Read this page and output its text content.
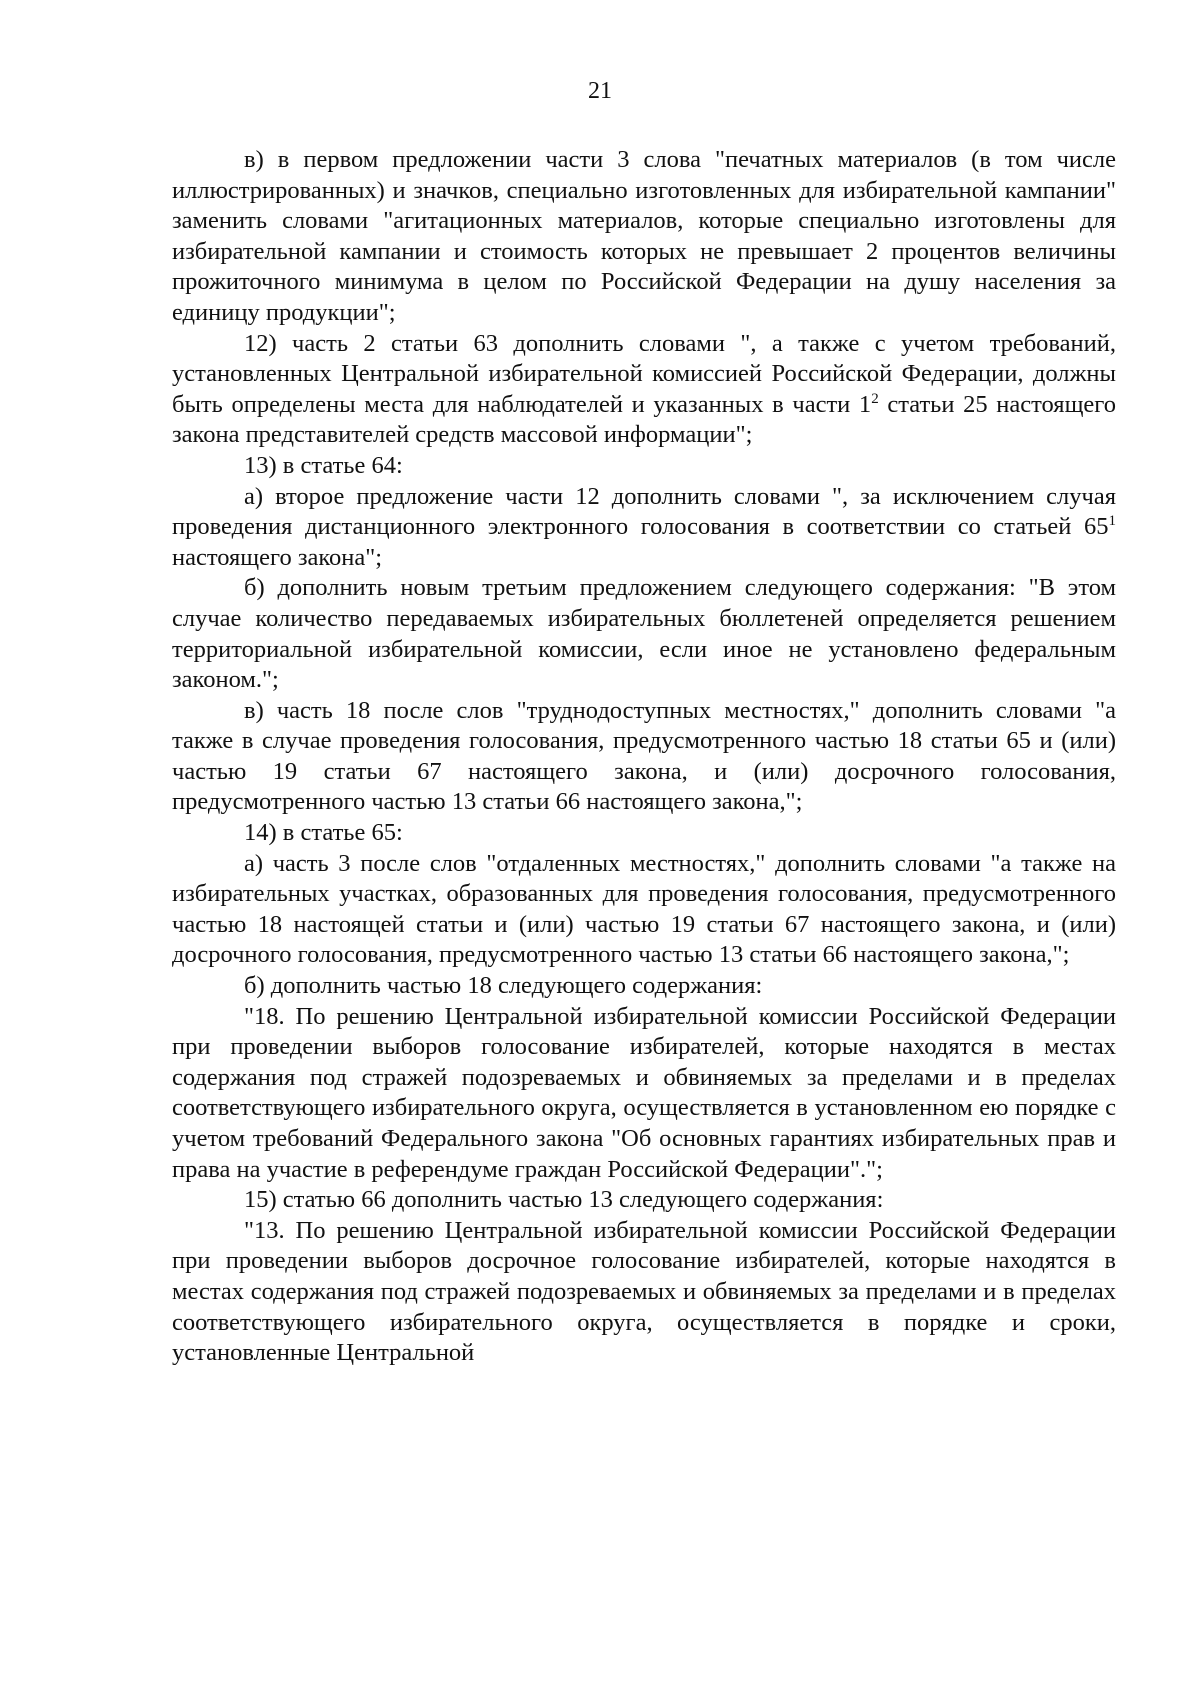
21

в) в первом предложении части 3 слова "печатных материалов (в том числе иллюстрированных) и значков, специально изготовленных для избирательной кампании" заменить словами "агитационных материалов, которые специально изготовлены для избирательной кампании и стоимость которых не превышает 2 процентов величины прожиточного минимума в целом по Российской Федерации на душу населения за единицу продукции";

12) часть 2 статьи 63 дополнить словами ", а также с учетом требований, установленных Центральной избирательной комиссией Российской Федерации, должны быть определены места для наблюдателей и указанных в части $1^2$ статьи 25 настоящего закона представителей средств массовой информации";

13) в статье 64:

а) второе предложение части 12 дополнить словами ", за исключением случая проведения дистанционного электронного голосования в соответствии со статьей $65^1$ настоящего закона";

б) дополнить новым третьим предложением следующего содержания: "В этом случае количество передаваемых избирательных бюллетеней определяется решением территориальной избирательной комиссии, если иное не установлено федеральным законом.";

в) часть 18 после слов "труднодоступных местностях," дополнить словами "а также в случае проведения голосования, предусмотренного частью 18 статьи 65 и (или) частью 19 статьи 67 настоящего закона, и (или) досрочного голосования, предусмотренного частью 13 статьи 66 настоящего закона,";

14) в статье 65:

а) часть 3 после слов "отдаленных местностях," дополнить словами "а также на избирательных участках, образованных для проведения голосования, предусмотренного частью 18 настоящей статьи и (или) частью 19 статьи 67 настоящего закона, и (или) досрочного голосования, предусмотренного частью 13 статьи 66 настоящего закона,";

б) дополнить частью 18 следующего содержания:

"18. По решению Центральной избирательной комиссии Российской Федерации при проведении выборов голосование избирателей, которые находятся в местах содержания под стражей подозреваемых и обвиняемых за пределами и в пределах соответствующего избирательного округа, осуществляется в установленном ею порядке с учетом требований Федерального закона "Об основных гарантиях избирательных прав и права на участие в референдуме граждан Российской Федерации".";

15) статью 66 дополнить частью 13 следующего содержания:

"13. По решению Центральной избирательной комиссии Российской Федерации при проведении выборов досрочное голосование избирателей, которые находятся в местах содержания под стражей подозреваемых и обвиняемых за пределами и в пределах соответствующего избирательного округа, осуществляется в порядке и сроки, установленные Центральной
